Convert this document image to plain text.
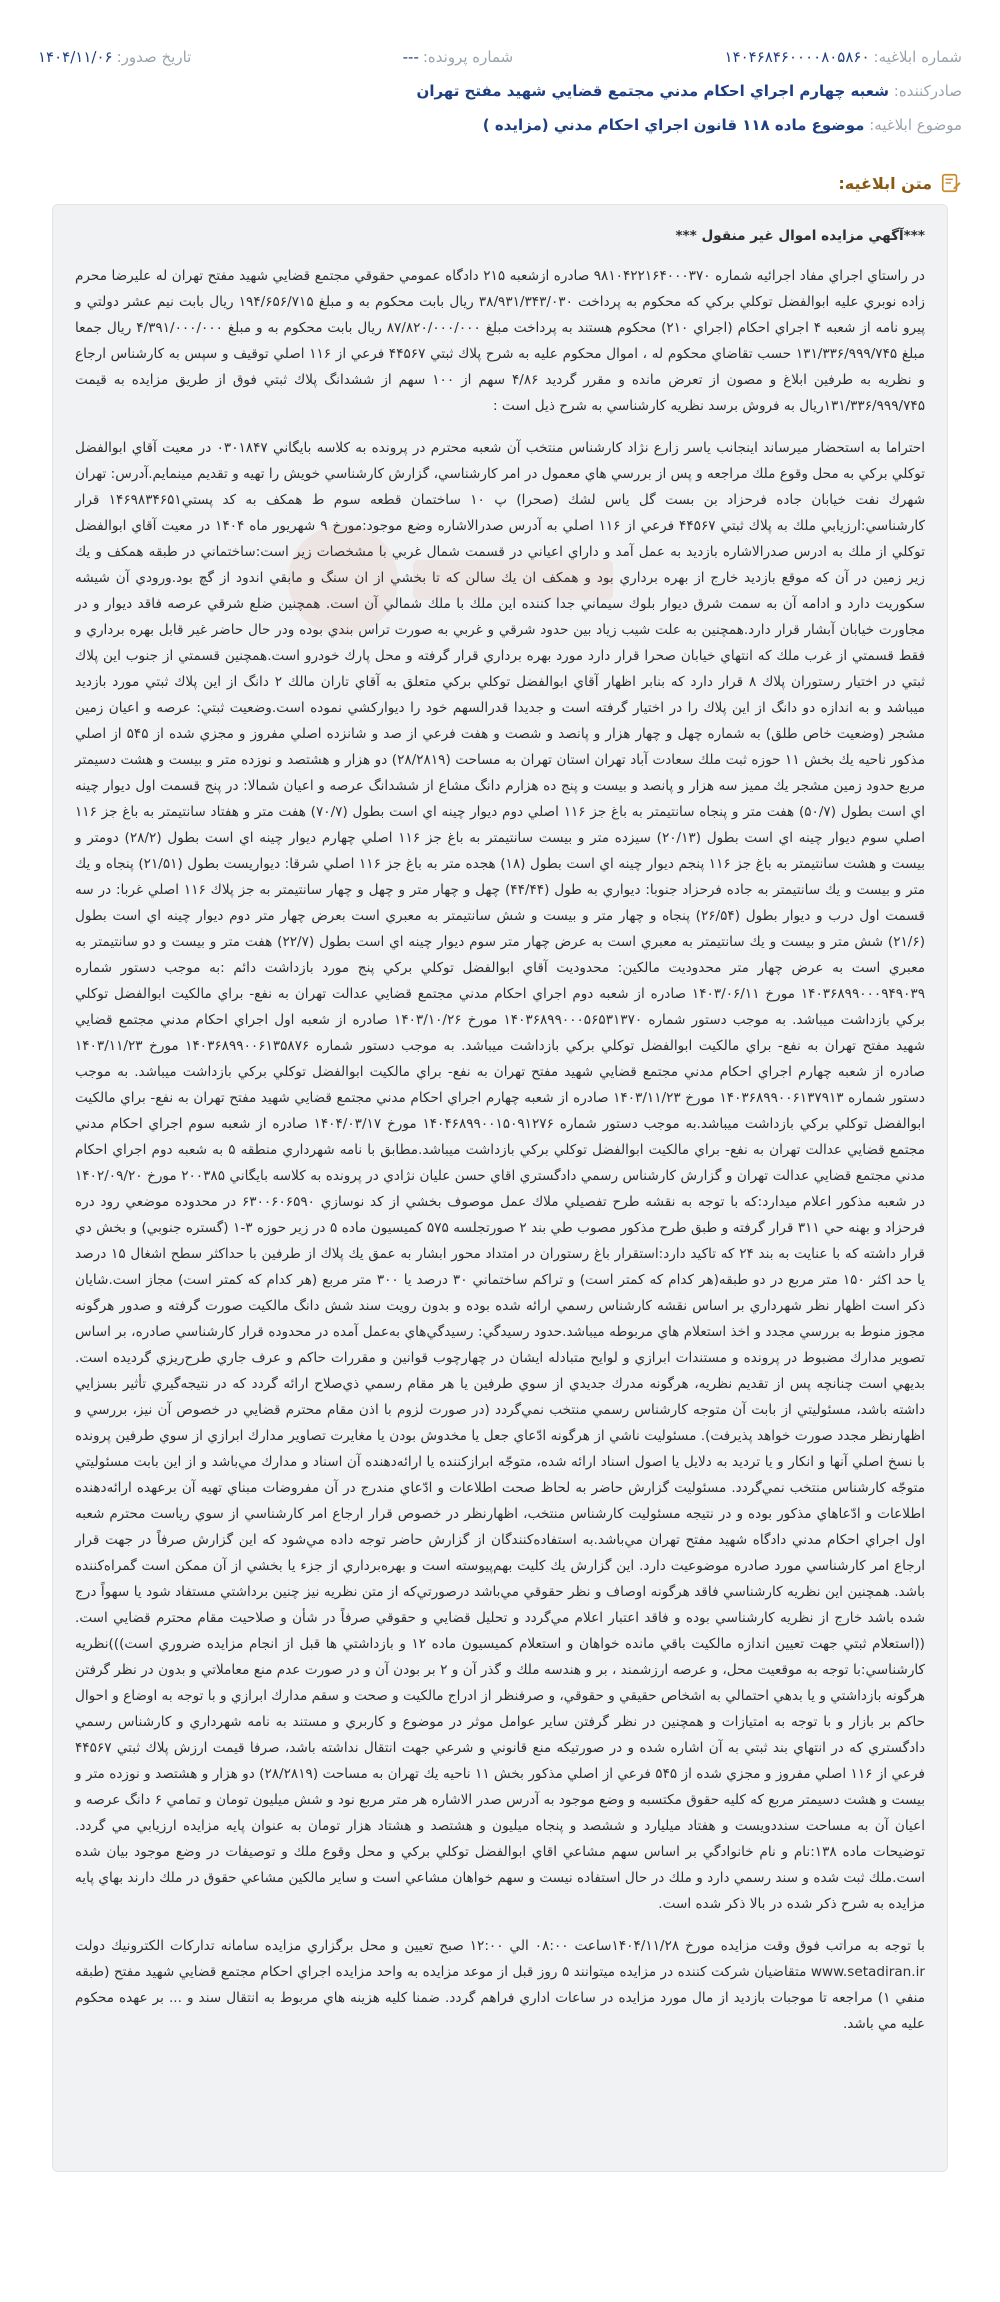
شماره ابلاغیه:
۱۴۰۴۶۸۴۶۰۰۰۰۸۰۵۸۶۰
شماره پرونده:
---
تاریخ صدور:
۱۴۰۴/۱۱/۰۶
صادرکننده:

شعبه چهارم اجراي احكام مدني مجتمع قضايي شهيد مفتح تهران
موضوع ابلاغیه:

موضوع ماده ۱۱۸ قانون اجراي احكام مدني (مزايده )
متن ابلاغیه:

***آگهي مزايده اموال غير منقول ***

در راستاي اجراي مفاد اجرائيه شماره ۹۸۱۰۴۲۲۱۶۴۰۰۰۳۷۰ صادره ازشعبه ۲۱۵ دادگاه عمومي حقوقي مجتمع قضايي شهيد مفتح تهران له عليرضا محرم زاده نوبري عليه ابوالفضل توكلي بركي كه محكوم به پرداخت ۳۸/۹۳۱/۳۴۳/۰۳۰ ريال بابت محكوم به و مبلغ ۱۹۴/۶۵۶/۷۱۵ ريال بابت نيم عشر دولتي و پيرو نامه از شعبه ۴ اجراي احكام (اجراي ۲۱۰) محكوم هستند به پرداخت مبلغ ۸۷/۸۲۰/۰۰۰/۰۰۰ ريال بابت محكوم به و مبلغ ۴/۳۹۱/۰۰۰/۰۰۰ ريال جمعا مبلغ ۱۳۱/۳۳۶/۹۹۹/۷۴۵ حسب تقاضاي محكوم له ، اموال محكوم عليه به شرح پلاك ثبتي ۴۴۵۶۷ فرعي از ۱۱۶ اصلي توقيف و سپس به كارشناس ارجاع و نظريه به طرفين ابلاغ و مصون از تعرض مانده و مقرر گرديد ۴/۸۶ سهم از ۱۰۰ سهم از ششدانگ پلاك ثبتي فوق از طريق مزايده به قيمت ۱۳۱/۳۳۶/۹۹۹/۷۴۵ريال به فروش برسد نظريه كارشناسي به شرح ذيل است :

احتراما به استحضار ميرساند اينجانب ياسر زارع نژاد كارشناس منتخب آن شعبه محترم در پرونده به كلاسه بايگاني ۰۳۰۱۸۴۷ در معيت آقاي ابوالفضل توكلي بركي به محل وقوع ملك مراجعه و پس از بررسي هاي معمول در امر كارشناسي، گزارش كارشناسي خويش را تهيه و تقديم مينمايم.آدرس: تهران شهرك نفت خيابان جاده فرحزاد بن بست گل ياس لشك (صحرا) پ ۱۰ ساختمان قطعه سوم ط همكف به كد پستي۱۴۶۹۸۳۴۶۵۱ قرار كارشناسي:ارزيابي ملك به پلاك ثبتي ۴۴۵۶۷ فرعي از ۱۱۶ اصلي به آدرس صدرالاشاره وضع موجود:مورخ ۹ شهريور ماه ۱۴۰۴ در معيت آقاي ابوالفضل توكلي از ملك به ادرس صدرالاشاره بازديد به عمل آمد و داراي اعياني در قسمت شمال غربي با مشخصات زير است:ساختماني در طبقه همكف و يك زير زمين در آن كه موقع بازديد خارج از بهره برداري بود و همكف ان يك سالن كه تا بخشي از ان سنگ و مابقي اندود از گچ بود.ورودي آن شيشه سكوريت دارد و ادامه آن به سمت شرق ديوار بلوك سيماني جدا كننده اين ملك با ملك شمالي آن است. همچنين ضلع شرقي عرصه فاقد ديوار و در مجاورت خيابان آبشار قرار دارد.همچنين به علت شيب زياد بين حدود شرقي و غربي به صورت تراس بندي بوده ودر حال حاضر غير قابل بهره برداري و فقط قسمتي از غرب ملك كه انتهاي خيابان صحرا قرار دارد مورد بهره برداري قرار گرفته و محل پارك خودرو است.همچنين قسمتي از جنوب اين پلاك ثبتي در اختيار رستوران پلاك ۸ قرار دارد كه بنابر اظهار آقاي ابوالفضل توكلي بركي متعلق به آقاي تاران مالك ۲ دانگ از اين پلاك ثبتي مورد بازديد ميباشد و به اندازه دو دانگ از اين پلاك را در اختيار گرفته است و جديدا قدرالسهم خود را ديواركشي نموده است.وضعيت ثبتي: عرصه و اعيان زمين مشجر (وضعيت خاص طلق) به شماره چهل و چهار هزار و پانصد و شصت و هفت فرعي از صد و شانزده اصلي مفروز و مجزي شده از ۵۴۵ از اصلي مذكور ناحيه يك بخش ۱۱ حوزه ثبت ملك سعادت آباد تهران استان تهران به مساحت (۲۸/۲۸۱۹) دو هزار و هشتصد و نوزده متر و بيست و هشت دسيمتر مربع حدود زمين مشجر يك مميز سه هزار و پانصد و بيست و پنج ده هزارم دانگ مشاع از ششدانگ عرصه و اعيان شمالا: در پنج قسمت اول ديوار چينه اي است بطول (۵۰/۷) هفت متر و پنجاه سانتيمتر به باغ جز ۱۱۶ اصلي دوم ديوار چينه اي است بطول (۷۰/۷) هفت متر و هفتاد سانتيمتر به باغ جز ۱۱۶ اصلي سوم ديوار چينه اي است بطول (۲۰/۱۳) سيزده متر و بيست سانتيمتر به باغ جز ۱۱۶ اصلي چهارم ديوار چينه اي است بطول (۲۸/۲) دومتر و بيست و هشت سانتيمتر به باغ جز ۱۱۶ پنجم ديوار چينه اي است بطول (۱۸) هجده متر به باغ جز ۱۱۶ اصلي شرقا: ديواريست بطول (۲۱/۵۱) پنجاه و يك متر و بيست و يك سانتيمتر به جاده فرحزاد جنوبا: ديواري به طول (۴۴/۴۴) چهل و چهار متر و چهل و چهار سانتيمتر به جز پلاك ۱۱۶ اصلي غربا: در سه قسمت اول درب و ديوار بطول (۲۶/۵۴) پنجاه و چهار متر و بيست و شش سانتيمتر به معبري است بعرض چهار متر دوم ديوار چينه اي است بطول (۲۱/۶) شش متر و بيست و يك سانتيمتر به معبري است به عرض چهار متر سوم ديوار چينه اي است بطول (۲۲/۷) هفت متر و بيست و دو سانتيمتر به معبري است به عرض چهار متر محدوديت مالكين: محدوديت آقاي ابوالفضل توكلي بركي پنج مورد بازداشت دائم :به موجب دستور شماره ۱۴۰۳۶۸۹۹۰۰۰۹۴۹۰۳۹ مورخ ۱۴۰۳/۰۶/۱۱ صادره از شعبه دوم اجراي احكام مدني مجتمع قضايي عدالت تهران به نفع- براي مالكيت ابوالفضل توكلي بركي بازداشت ميباشد. به موجب دستور شماره ۱۴۰۳۶۸۹۹۰۰۰۵۶۵۳۱۳۷۰ مورخ ۱۴۰۳/۱۰/۲۶ صادره از شعبه اول اجراي احكام مدني مجتمع قضايي شهيد مفتح تهران به نفع- براي مالكيت ابوالفضل توكلي بركي بازداشت ميباشد. به موجب دستور شماره ۱۴۰۳۶۸۹۹۰۰۶۱۳۵۸۷۶ مورخ ۱۴۰۳/۱۱/۲۳ صادره از شعبه چهارم اجراي احكام مدني مجتمع قضايي شهيد مفتح تهران به نفع- براي مالكيت ابوالفضل توكلي بركي بازداشت ميباشد. به موجب دستور شماره ۱۴۰۳۶۸۹۹۰۰۶۱۳۷۹۱۳ مورخ ۱۴۰۳/۱۱/۲۳ صادره از شعبه چهارم اجراي احكام مدني مجتمع قضايي شهيد مفتح تهران به نفع- براي مالكيت ابوالفضل توكلي بركي بازداشت ميباشد.به موجب دستور شماره ۱۴۰۴۶۸۹۹۰۰۱۵۰۹۱۲۷۶ مورخ ۱۴۰۴/۰۳/۱۷ صادره از شعبه سوم اجراي احكام مدني مجتمع قضايي عدالت تهران به نفع- براي مالكيت ابوالفضل توكلي بركي بازداشت ميباشد.مطابق با نامه شهرداري منطقه ۵ به شعبه دوم اجراي احكام مدني مجتمع قضايي عدالت تهران و گزارش كارشناس رسمي دادگستري اقاي حسن عليان نژادي در پرونده به كلاسه بايگاني ۲۰۰۳۸۵ مورخ ۱۴۰۲/۰۹/۲۰ در شعبه مذكور اعلام ميدارد:كه با توجه به نقشه طرح تفصيلي ملاك عمل موصوف بخشي از كد نوسازي ۶۳۰۰۶۰۶۵۹۰ در محدوده موضعي رود دره فرحزاد و بهنه حي ۳۱۱ قرار گرفته و طبق طرح مذكور مصوب طي بند ۲ صورتجلسه ۵۷۵ كميسيون ماده ۵ در زير حوزه ۳-۱ (گستره جنوبي) و بخش دي قرار داشته كه با عنايت به بند ۲۴ كه تاكيد دارد:استقرار باغ رستوران در امتداد محور ابشار به عمق يك پلاك از طرفين با حداكثر سطح اشغال ۱۵ درصد يا حد اكثر ۱۵۰ متر مربع در دو طبقه(هر كدام كه كمتر است) و تراكم ساختماني ۳۰ درصد يا ۳۰۰ متر مربع (هر كدام كه كمتر است) مجاز است.شايان ذكر است اظهار نظر شهرداري بر اساس نقشه كارشناس رسمي ارائه شده بوده و بدون رويت سند شش دانگ مالكيت صورت گرفته و صدور هرگونه مجوز منوط به بررسي مجدد و اخذ استعلام هاي مربوطه ميباشد.حدود رسيدگي: رسيدگي‌هاي به‌عمل آمده در محدوده قرار كارشناسي صادره، بر اساس تصوير مدارك مضبوط در پرونده و مستندات ابرازي و لوايح متبادله ايشان در چهارچوب قوانين و مقررات حاكم و عرف جاري طرح‌ريزي گرديده است. بديهي است چنانچه پس از تقديم نظريه، هرگونه مدرك جديدي از سوي طرفين يا هر مقام رسمي ذي‌صلاح ارائه گردد كه در نتيجه‌گيري تأثير بسزايي داشته باشد، مسئوليتي از بابت آن متوجه كارشناس رسمي منتخب نمي‌گردد (در صورت لزوم با اذن مقام محترم قضايي در خصوص آن نيز، بررسي و اظهارنظر مجدد صورت خواهد پذيرفت). مسئوليت ناشي از هرگونه ادّعاي جعل يا مخدوش بودن يا مغايرت تصاوير مدارك ابرازي از سوي طرفين پرونده با نسخ اصلي آنها و انكار و يا ترديد به دلايل يا اصول اسناد ارائه شده، متوجّه ابرازكننده يا ارائه‌دهنده آن اسناد و مدارك مي‌باشد و از اين بابت مسئوليتي متوجّه كارشناس منتخب نمي‌گردد. مسئوليت گزارش حاضر به لحاظ صحت اطلاعات و ادّعاي مندرج در آن مفروضات مبناي تهيه آن برعهده ارائه‌دهنده اطلاعات و ادّعاهاي مذكور بوده و در نتيجه مسئوليت كارشناس منتخب، اظهارنظر در خصوص قرار ارجاع امر كارشناسي از سوي رياست محترم شعبه اول اجراي احكام مدني دادگاه شهيد مفتح تهران مي‌باشد.به استفاده‌كنندگان از گزارش حاضر توجه داده مي‌شود كه اين گزارش صرفاً در جهت قرار ارجاع امر كارشناسي مورد صادره موضوعيت دارد. اين گزارش يك كليت بهم‌پيوسته است و بهره‌برداري از جزء يا بخشي از آن ممكن است گمراه‌كننده باشد. همچنين اين نظريه كارشناسي فاقد هرگونه اوصاف و نظر حقوقي مي‌باشد درصورتي‌كه از متن نظريه نيز چنين برداشتي مستفاد شود يا سهواً درج شده باشد خارج از نظريه كارشناسي بوده و فاقد اعتبار اعلام مي‌گردد و تحليل قضايي و حقوقي صرفاً در شأن و صلاحيت مقام محترم قضايي است. ((استعلام ثبتي جهت تعيين اندازه مالكيت باقي مانده خواهان و استعلام كميسيون ماده ۱۲ و بازداشتي ها قبل از انجام مزايده ضروري است)))نظريه كارشناسي:با توجه به موقعيت محل، و عرصه ارزشمند ، بر و هندسه ملك و گذر آن و ۲ بر بودن آن و در صورت عدم منع معاملاتي و بدون در نظر گرفتن هرگونه بازداشتي و يا بدهي احتمالي به اشخاص حقيقي و حقوقي، و صرفنظر از ادراج مالكيت و صحت و سقم مدارك ابرازي و با توجه به اوضاع و احوال حاكم بر بازار و با توجه به امتيازات و همچنين در نظر گرفتن ساير عوامل موثر در موضوع و كاربري و مستند به نامه شهرداري و كارشناس رسمي دادگستري كه در انتهاي بند ثبتي به آن اشاره شده و در صورتيكه منع قانوني و شرعي جهت انتقال نداشته باشد، صرفا قيمت ارزش پلاك ثبتي ۴۴۵۶۷ فرعي از ۱۱۶ اصلي مفروز و مجزي شده از ۵۴۵ فرعي از اصلي مذكور بخش ۱۱ ناحيه يك تهران به مساحت (۲۸/۲۸۱۹) دو هزار و هشتصد و نوزده متر و بيست و هشت دسيمتر مربع كه كليه حقوق مكتسبه و وضع موجود به آدرس صدر الاشاره هر متر مربع نود و شش ميليون تومان و تمامي ۶ دانگ عرصه و اعيان آن به مساحت سنددويست و هفتاد ميليارد و ششصد و پنجاه ميليون و هشتصد و هشتاد هزار تومان به عنوان پايه مزايده ارزيابي مي گردد. توضيحات ماده ۱۳۸:نام و نام خانوادگي بر اساس سهم مشاعي اقاي ابوالفضل توكلي بركي و محل وقوع ملك و توصيفات در وضع موجود بيان شده است.ملك ثبت شده و سند رسمي دارد و ملك در حال استفاده نيست و سهم خواهان مشاعي است و ساير مالكين مشاعي حقوق در ملك دارند بهاي پايه مزايده به شرح ذكر شده در بالا ذكر شده است.

با توجه به مراتب فوق وقت مزايده مورخ ۱۴۰۴/۱۱/۲۸ساعت ۰۸:۰۰ الي ۱۲:۰۰ صبح تعيين و محل برگزاري مزايده سامانه تداركات الكترونيك دولت www.setadiran.ir متقاضيان شركت كننده در مزايده ميتوانند ۵ روز قبل از موعد مزايده به واحد مزايده اجراي احكام مجتمع قضايي شهيد مفتح (طبقه منفي ۱) مراجعه تا موجبات بازديد از مال مورد مزايده در ساعات اداري فراهم گردد. ضمنا كليه هزينه هاي مربوط به انتقال سند و ... بر عهده محكوم عليه مي باشد.
